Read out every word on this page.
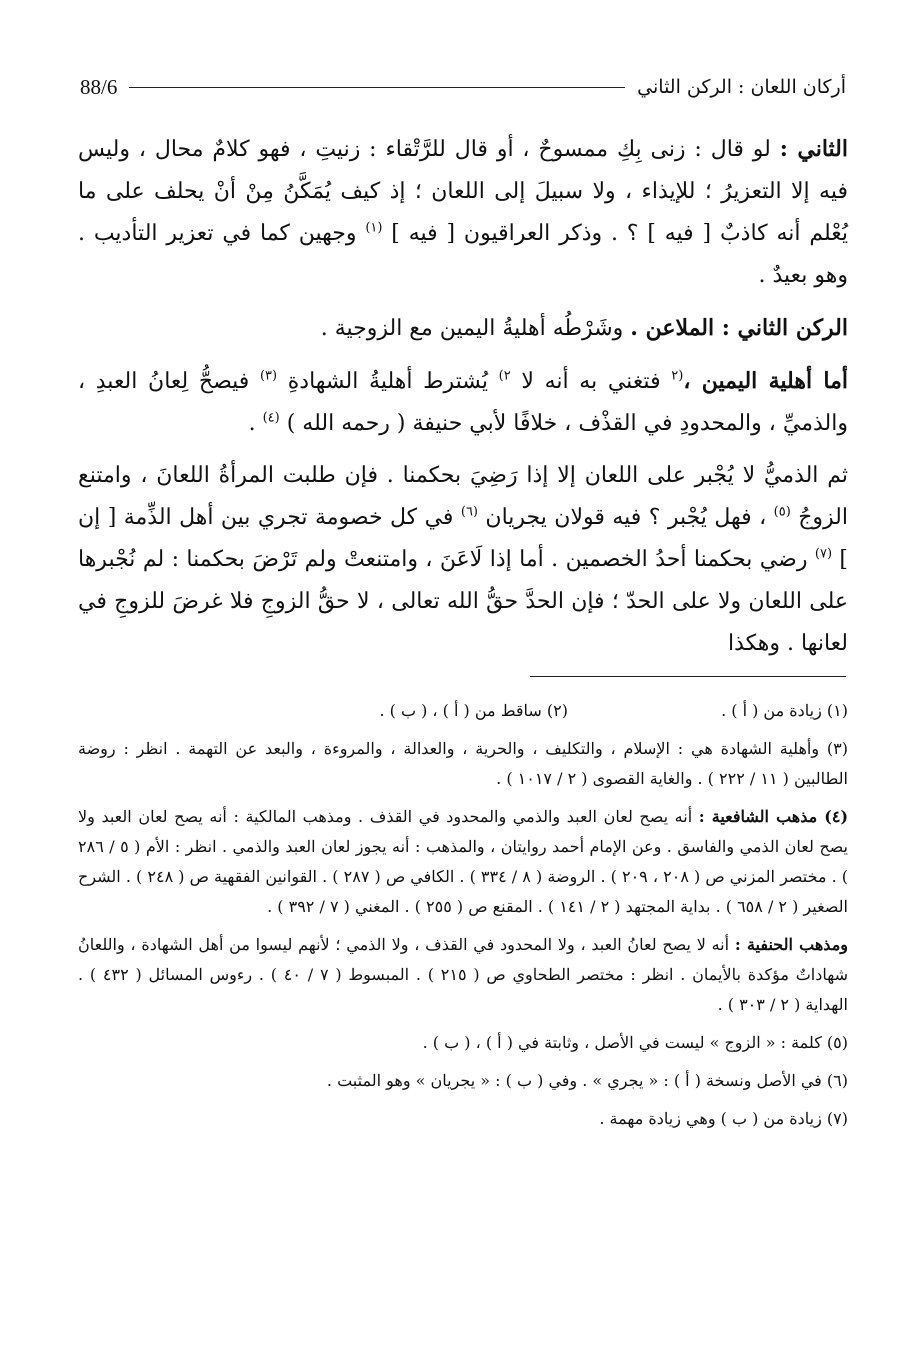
88/6	أركان اللعان : الركن الثاني

الثاني : لو قال : زنى بِكِ ممسوحٌ ، أو قال للرَّتْقاء : زنيتِ ، فهو كلامٌ محال ، وليس فيه إلا التعزيرُ ؛ للإيذاء ، ولا سبيلَ إلى اللعان ؛ إذ كيف يُمَكَّنُ مِنْ أنْ يحلف على ما يُعْلم أنه كاذبٌ [ فيه ] ؟ . وذكر العراقيون [ فيه ] $^{(١)}$ وجهين كما في تعزير التأديب . وهو بعيدٌ .

الركن الثاني : الملاعن . وشَرْطُه أهليةُ اليمين مع الزوجية .

أما أهلية اليمين ،$^{(٢}$ فتغني به أنه لا $^{٢)}$ يُشترط أهليةُ الشهادةِ $^{(٣)}$ فيصحُّ لِعانُ العبدِ ، والذميِّ ، والمحدودِ في القذْف ، خلافًا لأبي حنيفة ( رحمه الله ) $^{(٤)}$ .

ثم الذميُّ لا يُجْبر على اللعان إلا إذا رَضِيَ بحكمنا . فإن طلبت المرأةُ اللعانَ ، وامتنع الزوجُ $^{(٥)}$ ، فهل يُجْبر ؟ فيه قولان يجريان $^{(٦)}$ في كل خصومة تجري بين أهل الذِّمة [ إن ] $^{(٧)}$ رضي بحكمنا أحدُ الخصمين . أما إذا لَاعَنَ ، وامتنعتْ ولم تَرْضَ بحكمنا : لم نُجْبرها على اللعان ولا على الحدّ ؛ فإن الحدَّ حقُّ الله تعالى ، لا حقُّ الزوجِ فلا غرضَ للزوجِ في لعانها . وهكذا

(١) زيادة من ( أ ) .
(٢) ساقط من ( أ ) ، ( ب ) .

(٣) وأهلية الشهادة هي : الإسلام ، والتكليف ، والحرية ، والعدالة ، والمروءة ، والبعد عن التهمة . انظر : روضة الطالبين ( ١١ / ٢٢٢ ) . والغاية القصوى ( ٢ / ١٠١٧ ) .

(٤) مذهب الشافعية : أنه يصح لعان العبد والذمي والمحدود في القذف . ومذهب المالكية : أنه يصح لعان العبد ولا يصح لعان الذمي والفاسق . وعن الإمام أحمد روايتان ، والمذهب : أنه يجوز لعان العبد والذمي . انظر : الأم ( ٥ / ٢٨٦ ) . مختصر المزني ص ( ٢٠٨ ، ٢٠٩ ) . الروضة ( ٨ / ٣٣٤ ) . الكافي ص ( ٢٨٧ ) . القوانين الفقهية ص ( ٢٤٨ ) . الشرح الصغير ( ٢ / ٦٥٨ ) . بداية المجتهد ( ٢ / ١٤١ ) . المقنع ص ( ٢٥٥ ) . المغني ( ٧ / ٣٩٢ ) .

ومذهب الحنفية : أنه لا يصح لعانُ العبد ، ولا المحدود في القذف ، ولا الذمي ؛ لأنهم ليسوا من أهل الشهادة ، واللعانُ شهاداتٌ مؤكدة بالأيمان . انظر : مختصر الطحاوي ص ( ٢١٥ ) . المبسوط ( ٧ / ٤٠ ) . رءوس المسائل ( ٤٣٢ ) . الهداية ( ٢ / ٣٠٣ ) .

(٥) كلمة : « الزوج » ليست في الأصل ، وثابتة في ( أ ) ، ( ب ) .

(٦) في الأصل ونسخة ( أ ) : « يجري » . وفي ( ب ) : « يجريان » وهو المثبت .

(٧) زيادة من ( ب ) وهي زيادة مهمة .
